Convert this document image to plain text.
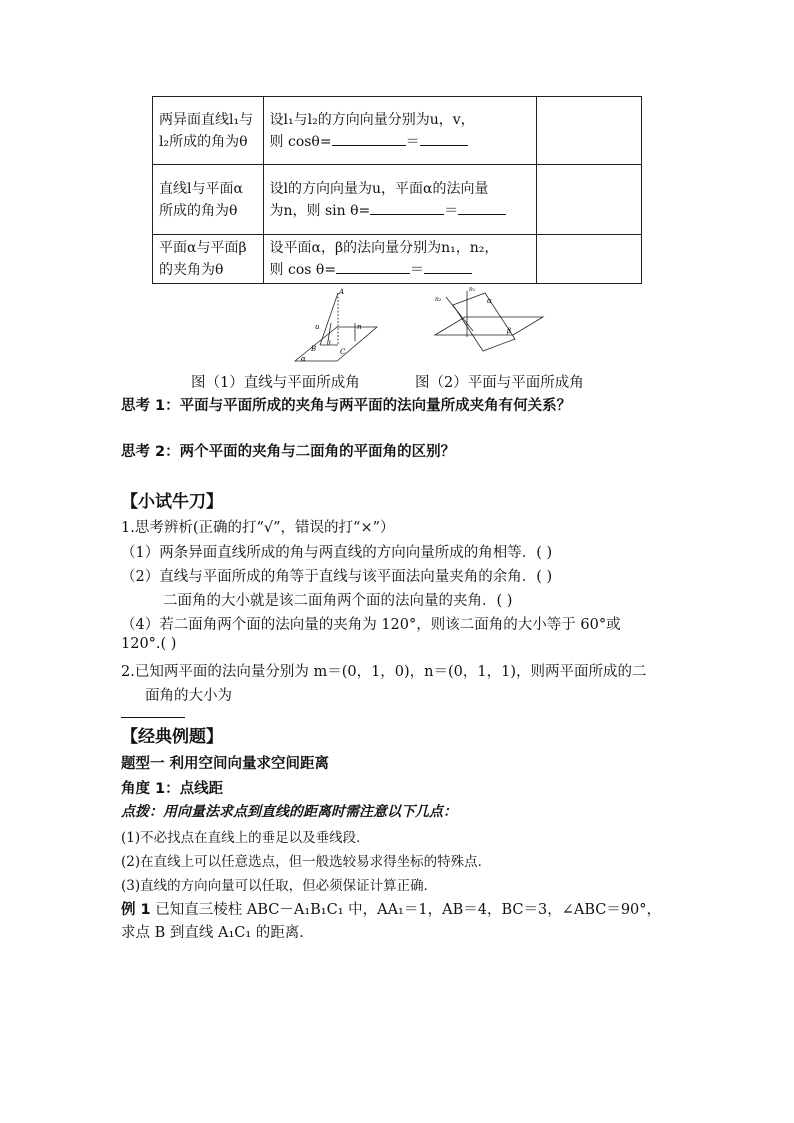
两异面直线l₁与l₂所成的角为θ	设l₁与l₂的方向向量分别为u，v，
则 cosθ= ＝	

直线l与平面α所成的角为θ	设l的方向向量为u，平面α的法向量
为n，则 sin θ= ＝	

平面α与平面β的夹角为θ	设平面α，β的法向量分别为n₁，n₂，
则 cos θ= ＝	

A
u	n
B
θ
C
α
n₁
n₂	α
β
图（1）直线与平面所成角	图（2）平面与平面所成角
思考 1：平面与平面所成的夹角与两平面的法向量所成夹角有何关系？
思考 2：两个平面的夹角与二面角的平面角的区别？
【小试牛刀】
1.思考辨析(正确的打“√”，错误的打“×”）
（1）两条异面直线所成的角与两直线的方向向量所成的角相等．( )
（2）直线与平面所成的角等于直线与该平面法向量夹角的余角．( )
二面角的大小就是该二面角两个面的法向量的夹角．( )
（4）若二面角两个面的法向量的夹角为 120°，则该二面角的大小等于 60°或
120°.( )
2.已知两平面的法向量分别为 m＝(0，1，0)，n＝(0，1，1)，则两平面所成的二
面角的大小为
【经典例题】
题型一 利用空间向量求空间距离
角度 1：点线距
点拨：用向量法求点到直线的距离时需注意以下几点：
(1)不必找点在直线上的垂足以及垂线段．
(2)在直线上可以任意选点，但一般选较易求得坐标的特殊点．
(3)直线的方向向量可以任取，但必须保证计算正确．
例 1 已知直三棱柱 ABC－A₁B₁C₁ 中，AA₁＝1，AB＝4，BC＝3，∠ABC＝90°，
求点 B 到直线 A₁C₁ 的距离．
